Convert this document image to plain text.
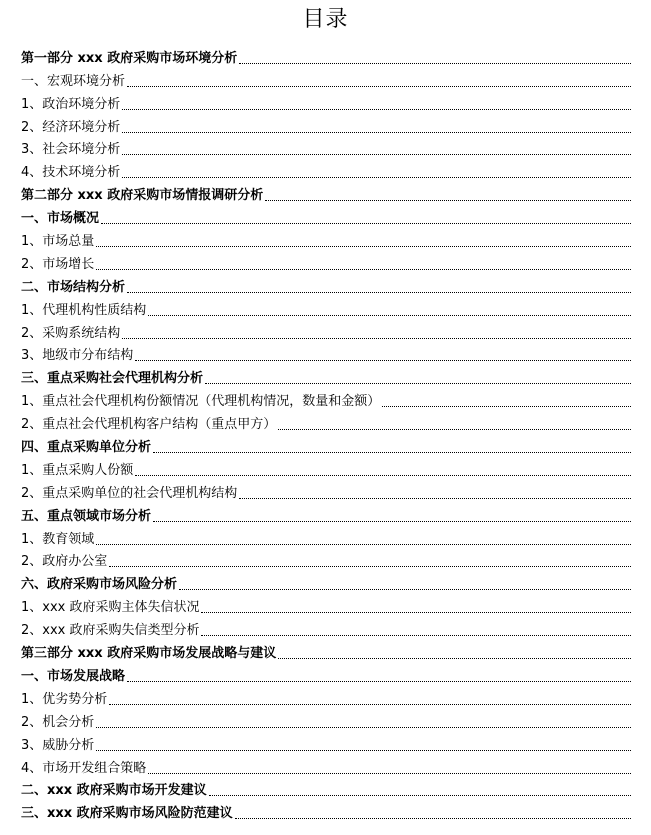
目录
第一部分 xxx 政府采购市场环境分析
一、宏观环境分析
1、政治环境分析
2、经济环境分析
3、社会环境分析
4、技术环境分析
第二部分 xxx 政府采购市场情报调研分析
一、市场概况
1、市场总量
2、市场增长
二、市场结构分析
1、代理机构性质结构
2、采购系统结构
3、地级市分布结构
三、重点采购社会代理机构分析
1、重点社会代理机构份额情况（代理机构情况，数量和金额）
2、重点社会代理机构客户结构（重点甲方）
四、重点采购单位分析
1、重点采购人份额
2、重点采购单位的社会代理机构结构
五、重点领域市场分析
1、教育领域
2、政府办公室
六、政府采购市场风险分析
1、xxx 政府采购主体失信状况
2、xxx 政府采购失信类型分析
第三部分 xxx 政府采购市场发展战略与建议
一、市场发展战略
1、优劣势分析
2、机会分析
3、威胁分析
4、市场开发组合策略
二、xxx 政府采购市场开发建议
三、xxx 政府采购市场风险防范建议
